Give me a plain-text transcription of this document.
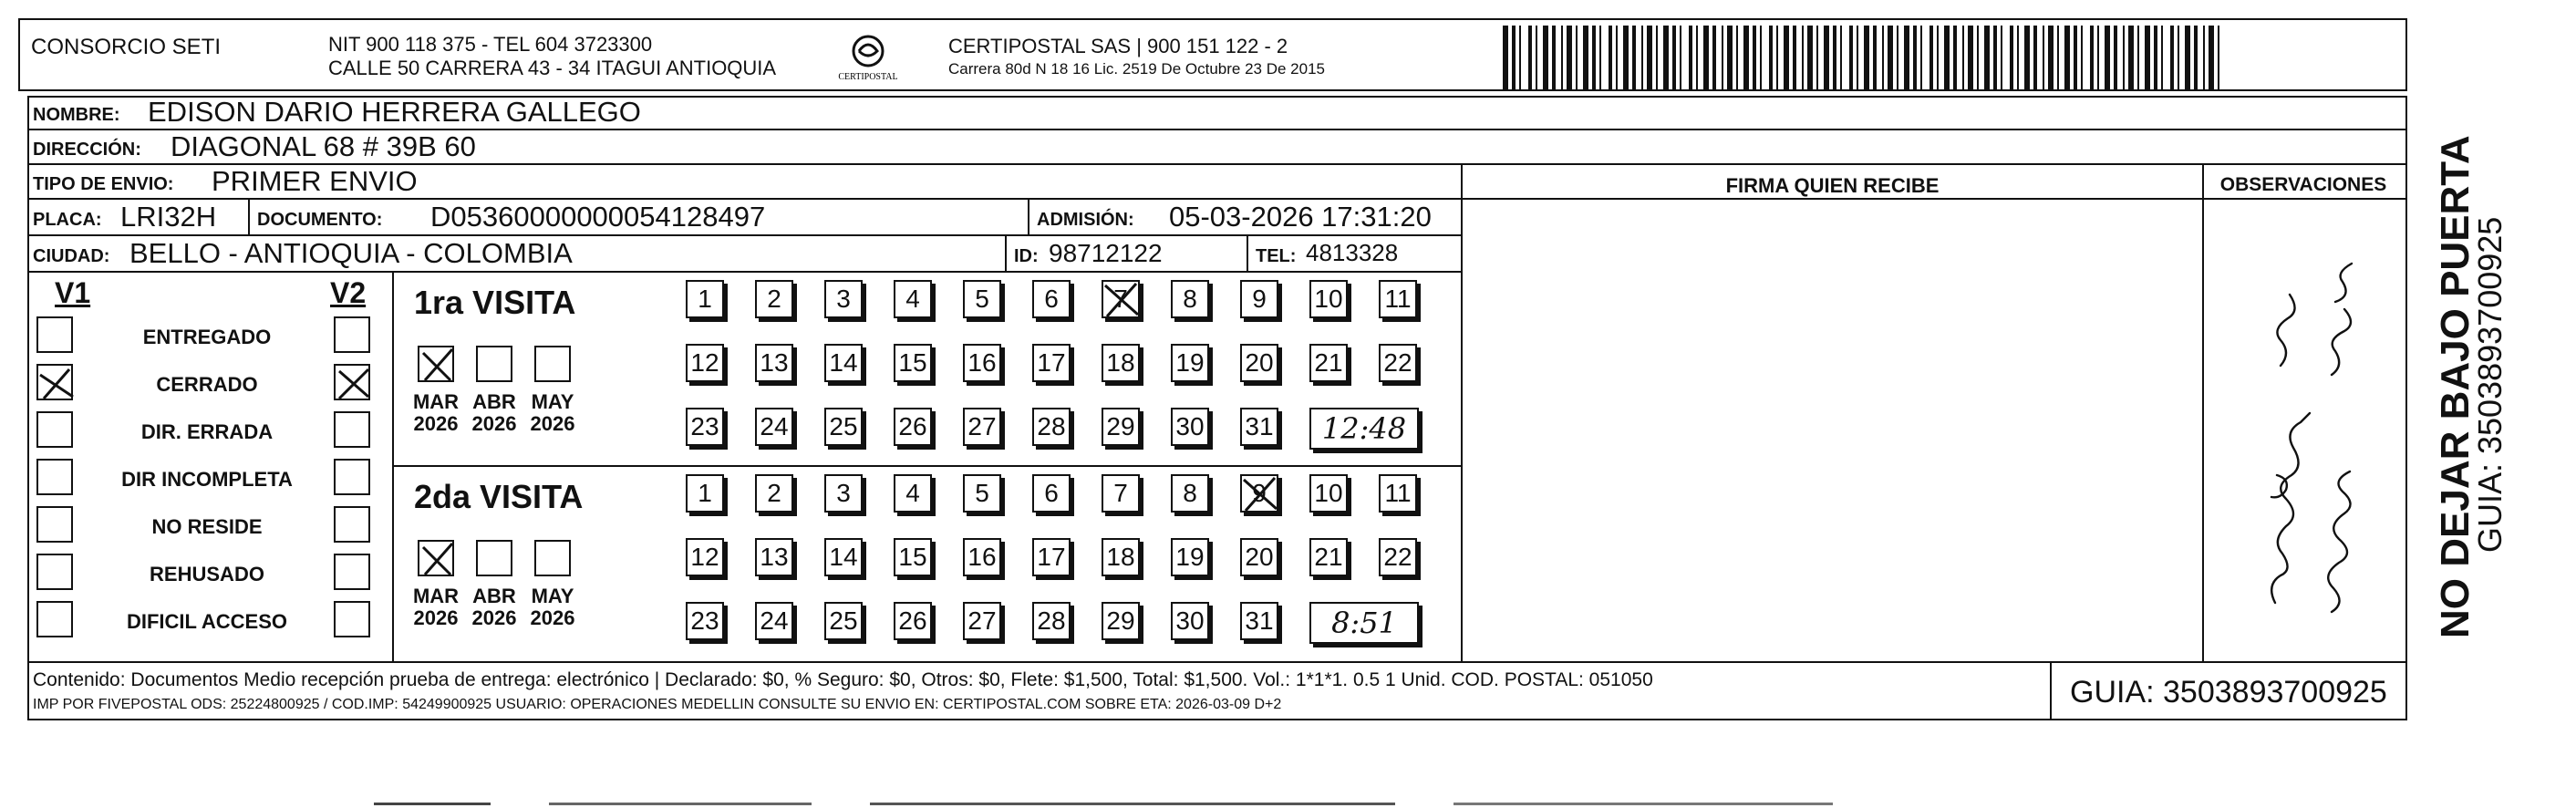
CONSORCIO SETI	NIT 900 118 375 - TEL 604 3723300
CALLE 50 CARRERA 43 - 34 ITAGUI ANTIOQUIA	CERTIPOSTAL
CERTIPOSTAL SAS | 900 151 122 - 2
Carrera 80d N 18 16 Lic. 2519 De Octubre 23 De 2015
NOMBRE: EDISON DARIO HERRERA GALLEGO
DIRECCIÓN: DIAGONAL 68 # 39B 60
TIPO DE ENVIO: PRIMER ENVIO
PLACA: LRI32H DOCUMENTO: D05360000000054128497	ADMISIÓN: 05-03-2026 17:31:20
CIUDAD: BELLO - ANTIOQUIA - COLOMBIA	ID: 98712122	TEL: 4813328
FIRMA QUIEN RECIBE	OBSERVACIONES
V1	V2
ENTREGADO
CERRADO
DIR. ERRADA
DIR INCOMPLETA
NO RESIDE
REHUSADO
DIFICIL ACCESO
1ra VISITA
MAR
2026
ABR
2026
MAY
2026
1	2	3	4	5	6	7	8	9	10 11
12 13 14 15 16 17 18 19 20 21 22
23 24 25 26 27 28 29 30 31	12:48
2da VISITA
MAR
2026
ABR
2026
MAY
2026
1	2	3	4	5	6	7	8	9 10 11
12 13 14 15 16 17 18 19 20 21 22
23 24 25 26 27 28 29 30 31	8:51
Contenido: Documentos Medio recepción prueba de entrega: electrónico | Declarado: $0, % Seguro: $0, Otros: $0, Flete: $1,500, Total: $1,500. Vol.: 1*1*1. 0.5 1 Unid. COD. POSTAL: 051050
IMP POR FIVEPOSTAL ODS: 25224800925 / COD.IMP: 54249900925 USUARIO: OPERACIONES MEDELLIN CONSULTE SU ENVIO EN: CERTIPOSTAL.COM SOBRE ETA: 2026-03-09 D+2	GUIA: 3503893700925
NO DEJAR BAJO PUERTA
GUIA: 3503893700925
